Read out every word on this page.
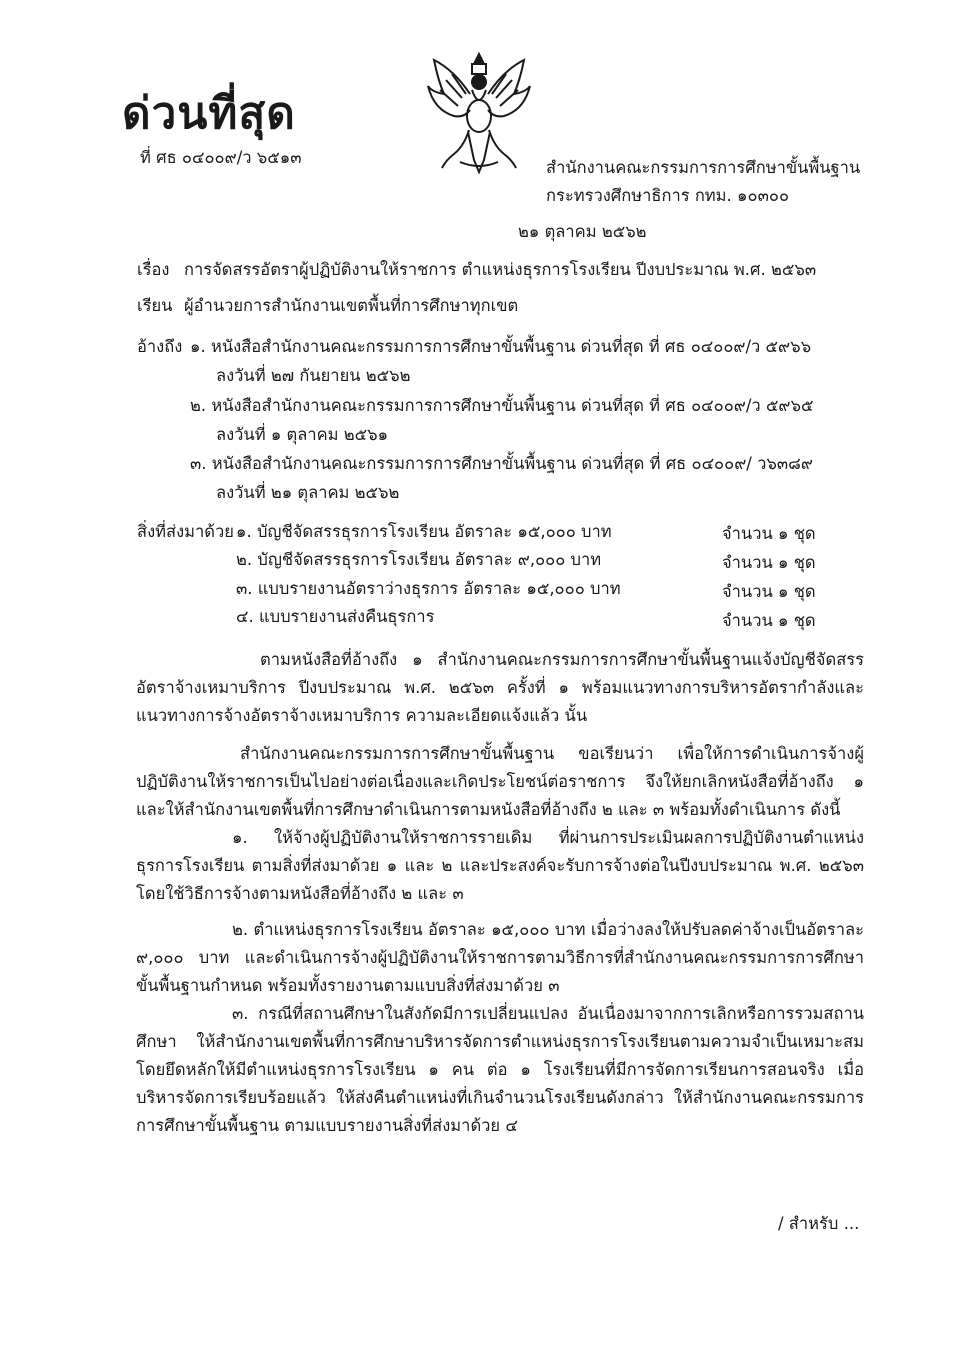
ด่วนที่สุด
ที่ ศธ ๐๔๐๐๙/ว ๖๕๑๓
สำนักงานคณะกรรมการการศึกษาขั้นพื้นฐาน
กระทรวงศึกษาธิการ กทม. ๑๐๓๐๐
๒๑ ตุลาคม ๒๕๖๒
เรื่อง การจัดสรรอัตราผู้ปฏิบัติงานให้ราชการ ตำแหน่งธุรการโรงเรียน ปีงบประมาณ พ.ศ. ๒๕๖๓
เรียน ผู้อำนวยการสำนักงานเขตพื้นที่การศึกษาทุกเขต
อ้างถึง ๑. หนังสือสำนักงานคณะกรรมการการศึกษาขั้นพื้นฐาน ด่วนที่สุด ที่ ศธ ๐๔๐๐๙/ว ๕๙๖๖
ลงวันที่ ๒๗ กันยายน ๒๕๖๒
๒. หนังสือสำนักงานคณะกรรมการการศึกษาขั้นพื้นฐาน ด่วนที่สุด ที่ ศธ ๐๔๐๐๙/ว ๕๙๖๕
ลงวันที่ ๑ ตุลาคม ๒๕๖๑
๓. หนังสือสำนักงานคณะกรรมการการศึกษาขั้นพื้นฐาน ด่วนที่สุด ที่ ศธ ๐๔๐๐๙/ ว๖๓๘๙
ลงวันที่ ๒๑ ตุลาคม ๒๕๖๒
สิ่งที่ส่งมาด้วย ๑. บัญชีจัดสรรธุรการโรงเรียน อัตราละ ๑๕,๐๐๐ บาท	จำนวน ๑ ชุด
๒. บัญชีจัดสรรธุรการโรงเรียน อัตราละ ๙,๐๐๐ บาท	จำนวน ๑ ชุด
๓. แบบรายงานอัตราว่างธุรการ อัตราละ ๑๕,๐๐๐ บาท	จำนวน ๑ ชุด
๔. แบบรายงานส่งคืนธุรการ	จำนวน ๑ ชุด

ตามหนังสือที่อ้างถึง ๑ สำนักงานคณะกรรมการการศึกษาขั้นพื้นฐานแจ้งบัญชีจัดสรรอัตราจ้างเหมาบริการ ปีงบประมาณ พ.ศ. ๒๕๖๓ ครั้งที่ ๑ พร้อมแนวทางการบริหารอัตรากำลังและแนวทางการจ้างอัตราจ้างเหมาบริการ ความละเอียดแจ้งแล้ว นั้น

สำนักงานคณะกรรมการการศึกษาขั้นพื้นฐาน ขอเรียนว่า เพื่อให้การดำเนินการจ้างผู้ปฏิบัติงานให้ราชการเป็นไปอย่างต่อเนื่องและเกิดประโยชน์ต่อราชการ จึงให้ยกเลิกหนังสือที่อ้างถึง ๑ และให้สำนักงานเขตพื้นที่การศึกษาดำเนินการตามหนังสือที่อ้างถึง ๒ และ ๓ พร้อมทั้งดำเนินการ ดังนี้

๑. ให้จ้างผู้ปฏิบัติงานให้ราชการรายเดิม ที่ผ่านการประเมินผลการปฏิบัติงานตำแหน่งธุรการโรงเรียน ตามสิ่งที่ส่งมาด้วย ๑ และ ๒ และประสงค์จะรับการจ้างต่อในปีงบประมาณ พ.ศ. ๒๕๖๓ โดยใช้วิธีการจ้างตามหนังสือที่อ้างถึง ๒ และ ๓

๒. ตำแหน่งธุรการโรงเรียน อัตราละ ๑๕,๐๐๐ บาท เมื่อว่างลงให้ปรับลดค่าจ้างเป็นอัตราละ ๙,๐๐๐ บาท และดำเนินการจ้างผู้ปฏิบัติงานให้ราชการตามวิธีการที่สำนักงานคณะกรรมการการศึกษาขั้นพื้นฐานกำหนด พร้อมทั้งรายงานตามแบบสิ่งที่ส่งมาด้วย ๓

๓. กรณีที่สถานศึกษาในสังกัดมีการเปลี่ยนแปลง อันเนื่องมาจากการเลิกหรือการรวมสถานศึกษา ให้สำนักงานเขตพื้นที่การศึกษาบริหารจัดการตำแหน่งธุรการโรงเรียนตามความจำเป็นเหมาะสม โดยยึดหลักให้มีตำแหน่งธุรการโรงเรียน ๑ คน ต่อ ๑ โรงเรียนที่มีการจัดการเรียนการสอนจริง เมื่อบริหารจัดการเรียบร้อยแล้ว ให้ส่งคืนตำแหน่งที่เกินจำนวนโรงเรียนดังกล่าว ให้สำนักงานคณะกรรมการการศึกษาขั้นพื้นฐาน ตามแบบรายงานสิ่งที่ส่งมาด้วย ๔

/ สำหรับ ...
